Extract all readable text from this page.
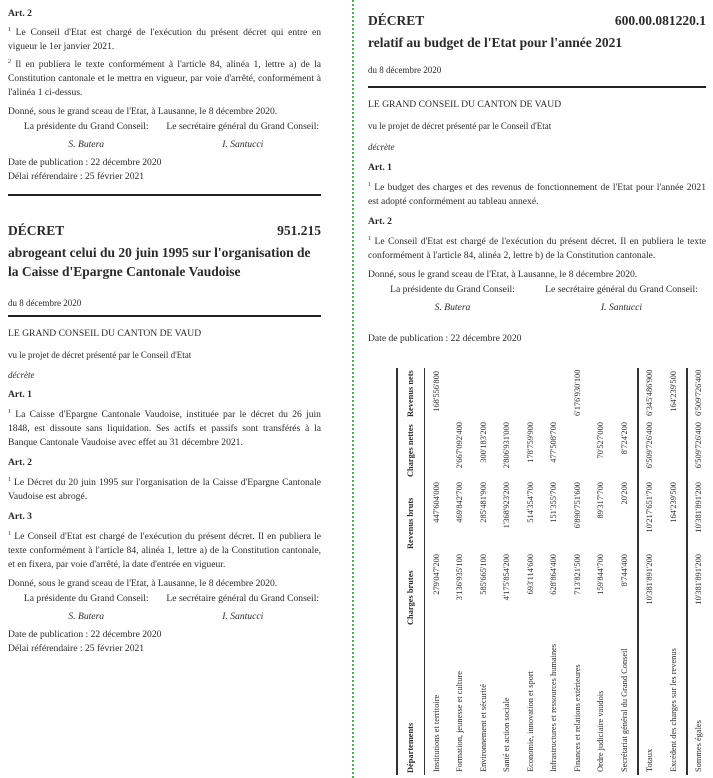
Art. 2

$^1$ Le Conseil d'Etat est chargé de l'exécution du présent décret qui entre en vigueur le 1er janvier 2021.

$^2$ Il en publiera le texte conformément à l'article 84, alinéa 1, lettre a) de la Constitution cantonale et le mettra en vigueur, par voie d'arrêté, conformément à l'alinéa 1 ci-dessus.

Donné, sous le grand sceau de l'Etat, à Lausanne, le 8 décembre 2020.

La présidente du Grand Conseil:	Le secrétaire général du Grand Conseil:
S. Butera	I. Santucci

Date de publication : 22 décembre 2020

Délai référendaire : 25 février 2021

DÉCRET	951.215

abrogeant celui du 20 juin 1995 sur l'organisation de la Caisse d'Epargne Cantonale Vaudoise

du 8 décembre 2020

LE GRAND CONSEIL DU CANTON DE VAUD

vu le projet de décret présenté par le Conseil d'Etat

décrète

Art. 1

$^1$ La Caisse d'Epargne Cantonale Vaudoise, instituée par le décret du 26 juin 1848, est dissoute sans liquidation. Ses actifs et passifs sont transférés à la Banque Cantonale Vaudoise avec effet au 31 décembre 2021.

Art. 2

$^1$ Le Décret du 20 juin 1995 sur l'organisation de la Caisse d'Epargne Cantonale Vaudoise est abrogé.

Art. 3

$^1$ Le Conseil d'Etat est chargé de l'exécution du présent décret. Il en publiera le texte conformément à l'article 84, alinéa 1, lettre a) de la Constitution cantonale, et en fixera, par voie d'arrêté, la date d'entrée en vigueur.

Donné, sous le grand sceau de l'Etat, à Lausanne, le 8 décembre 2020.

La présidente du Grand Conseil:	Le secrétaire général du Grand Conseil:
S. Butera	I. Santucci

Date de publication : 22 décembre 2020

Délai référendaire : 25 février 2021

DÉCRET	600.00.081220.1

relatif au budget de l'Etat pour l'année 2021

du 8 décembre 2020

LE GRAND CONSEIL DU CANTON DE VAUD

vu le projet de décret présenté par le Conseil d'Etat

décrète

Art. 1

$^1$ Le budget des charges et des revenus de fonctionnement de l'Etat pour l'année 2021 est adopté conformément au tableau annexé.

Art. 2

$^1$ Le Conseil d'Etat est chargé de l'exécution du présent décret. Il en publiera le texte conformément à l'article 84, alinéa 2, lettre b) de la Constitution cantonale.

Donné, sous le grand sceau de l'Etat, à Lausanne, le 8 décembre 2020.

La présidente du Grand Conseil:	Le secrétaire général du Grand Conseil:
S. Butera	I. Santucci

Date de publication : 22 décembre 2020

Départements	Charges brutes	Revenus bruts	Charges nettes	Revenus nets
Institutions et territoire	279'047'200	447'604'000		168'556'800
Formation, jeunesse et culture	3'136'935'100	469'842'700	2'667'092'400	
Environnement et sécurité	585'665'100	285'481'900	300'183'200	
Santé et action sociale	4'175'854'200	1'368'923'200	2'806'931'000	
Economie, innovation et sport	693'114'600	514'354'700	178'759'900	
Infrastructures et ressources humaines	628'864'400	151'355'700	477'508'700	
Finances et relations extérieures	713'821'500	6'890'751'600		6'176'930'100
Ordre judiciaire vaudois	159'844'700	89'317'700	70'527'000	
Secrétariat général du Grand Conseil	8'744'400	20'200	8'724'200	
Totaux	10'381'891'200	10'217'651'700	6'509'726'400	6'345'486'900
Excédent des charges sur les revenus		164'239'500		164'239'500
Sommes égales	10'381'891'200	10'381'891'200	6'509'726'400	6'509'726'400
